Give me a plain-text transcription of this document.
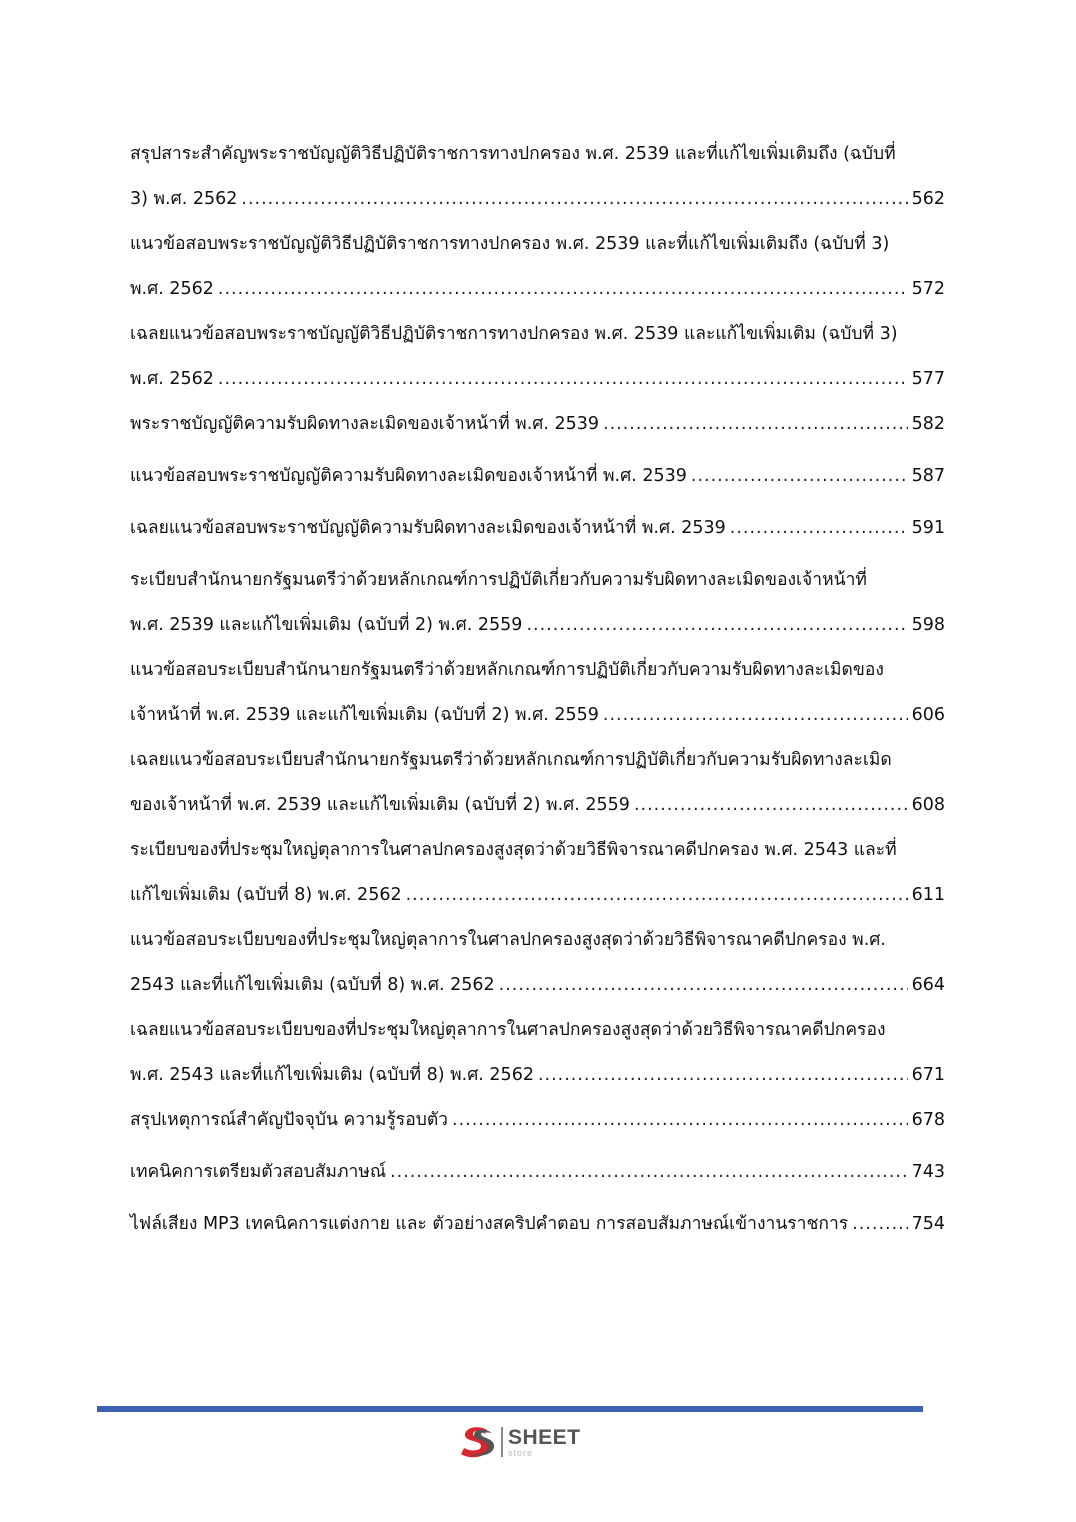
สรุปสาระสำคัญพระราชบัญญัติวิธีปฏิบัติราชการทางปกครอง พ.ศ. 2539 และที่แก้ไขเพิ่มเติมถึง (ฉบับที่
3) พ.ศ. 2562 .....	562
แนวข้อสอบพระราชบัญญัติวิธีปฏิบัติราชการทางปกครอง พ.ศ. 2539 และที่แก้ไขเพิ่มเติมถึง (ฉบับที่ 3)
พ.ศ. 2562 .....	572
เฉลยแนวข้อสอบพระราชบัญญัติวิธีปฏิบัติราชการทางปกครอง พ.ศ. 2539 และแก้ไขเพิ่มเติม (ฉบับที่ 3)
พ.ศ. 2562 .....	577
พระราชบัญญัติความรับผิดทางละเมิดของเจ้าหน้าที่ พ.ศ. 2539 .....	582
แนวข้อสอบพระราชบัญญัติความรับผิดทางละเมิดของเจ้าหน้าที่ พ.ศ. 2539 .....	587
เฉลยแนวข้อสอบพระราชบัญญัติความรับผิดทางละเมิดของเจ้าหน้าที่ พ.ศ. 2539 .....	591
ระเบียบสำนักนายกรัฐมนตรีว่าด้วยหลักเกณฑ์การปฏิบัติเกี่ยวกับความรับผิดทางละเมิดของเจ้าหน้าที่
พ.ศ. 2539 และแก้ไขเพิ่มเติม (ฉบับที่ 2) พ.ศ. 2559 .....	598
แนวข้อสอบระเบียบสำนักนายกรัฐมนตรีว่าด้วยหลักเกณฑ์การปฏิบัติเกี่ยวกับความรับผิดทางละเมิดของ
เจ้าหน้าที่ พ.ศ. 2539 และแก้ไขเพิ่มเติม (ฉบับที่ 2) พ.ศ. 2559 .....	606
เฉลยแนวข้อสอบระเบียบสำนักนายกรัฐมนตรีว่าด้วยหลักเกณฑ์การปฏิบัติเกี่ยวกับความรับผิดทางละเมิด
ของเจ้าหน้าที่ พ.ศ. 2539 และแก้ไขเพิ่มเติม (ฉบับที่ 2) พ.ศ. 2559 .....	608
ระเบียบของที่ประชุมใหญ่ตุลาการในศาลปกครองสูงสุดว่าด้วยวิธีพิจารณาคดีปกครอง พ.ศ. 2543 และที่
แก้ไขเพิ่มเติม (ฉบับที่ 8) พ.ศ. 2562 .....	611
แนวข้อสอบระเบียบของที่ประชุมใหญ่ตุลาการในศาลปกครองสูงสุดว่าด้วยวิธีพิจารณาคดีปกครอง พ.ศ.
2543 และที่แก้ไขเพิ่มเติม (ฉบับที่ 8) พ.ศ. 2562 .....	664
เฉลยแนวข้อสอบระเบียบของที่ประชุมใหญ่ตุลาการในศาลปกครองสูงสุดว่าด้วยวิธีพิจารณาคดีปกครอง
พ.ศ. 2543 และที่แก้ไขเพิ่มเติม (ฉบับที่ 8) พ.ศ. 2562 .....	671
สรุปเหตุการณ์สำคัญปัจจุบัน ความรู้รอบตัว .....	678
เทคนิคการเตรียมตัวสอบสัมภาษณ์ .....	743
ไฟล์เสียง MP3 เทคนิคการแต่งกาย และ ตัวอย่างสคริปคำตอบ การสอบสัมภาษณ์เข้างานราชการ .....	754
SHEET
store
